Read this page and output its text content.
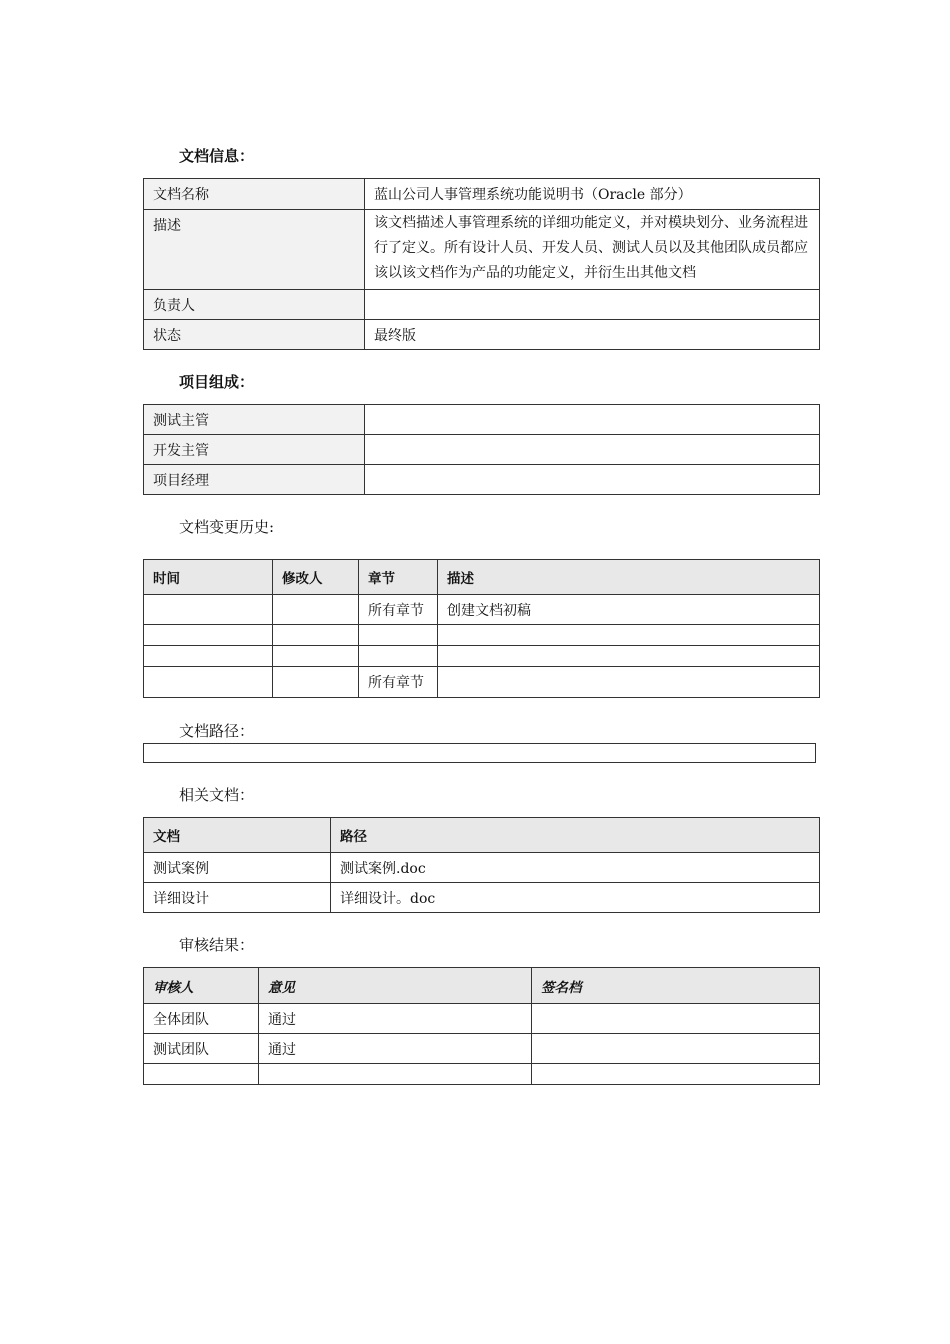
文档信息：
文档名称	蓝山公司人事管理系统功能说明书（Oracle 部分）
描述	该文档描述人事管理系统的详细功能定义，并对模块划分、业务流程进行了定义。所有设计人员、开发人员、测试人员以及其他团队成员都应该以该文档作为产品的功能定义，并衍生出其他文档
负责人	
状态	最终版
项目组成：
测试主管	
开发主管	
项目经理	
文档变更历史:
时间	修改人	章节	描述
		所有章节	创建文档初稿

		所有章节	
文档路径：
相关文档：
文档	路径
测试案例	测试案例.doc
详细设计	详细设计。doc
审核结果：
审核人	意见	签名档
全体团队	通过	
测试团队	通过	
